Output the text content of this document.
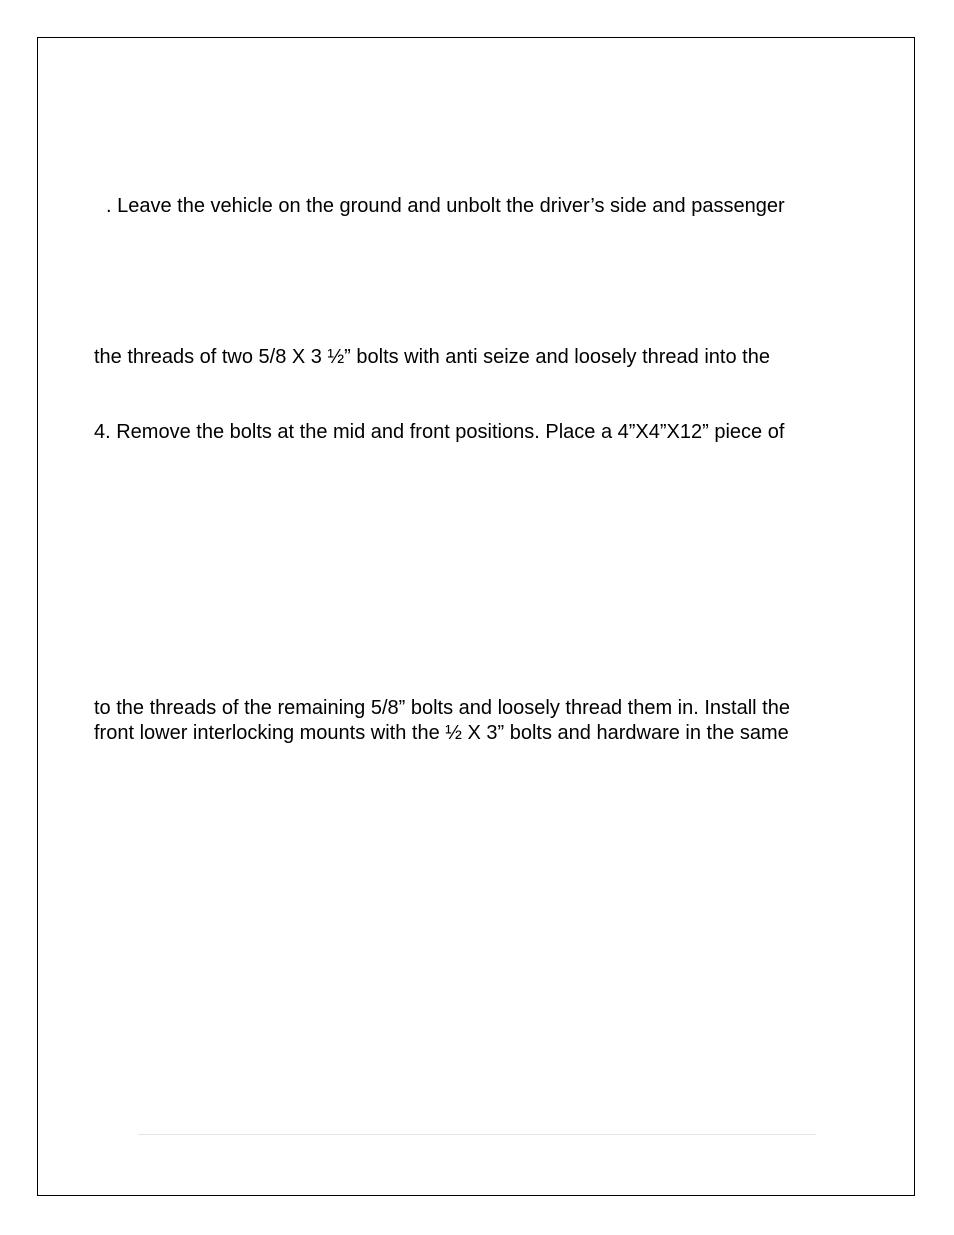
. Leave the vehicle on the ground and unbolt the driver’s side and passenger

the threads of two 5/8 X 3 ½” bolts with anti seize and loosely thread into the

4. Remove the bolts at the mid and front positions. Place a 4”X4”X12” piece of

to the threads of the remaining 5/8” bolts and loosely thread them in. Install the

front lower interlocking mounts with the ½ X 3” bolts and hardware in the same
